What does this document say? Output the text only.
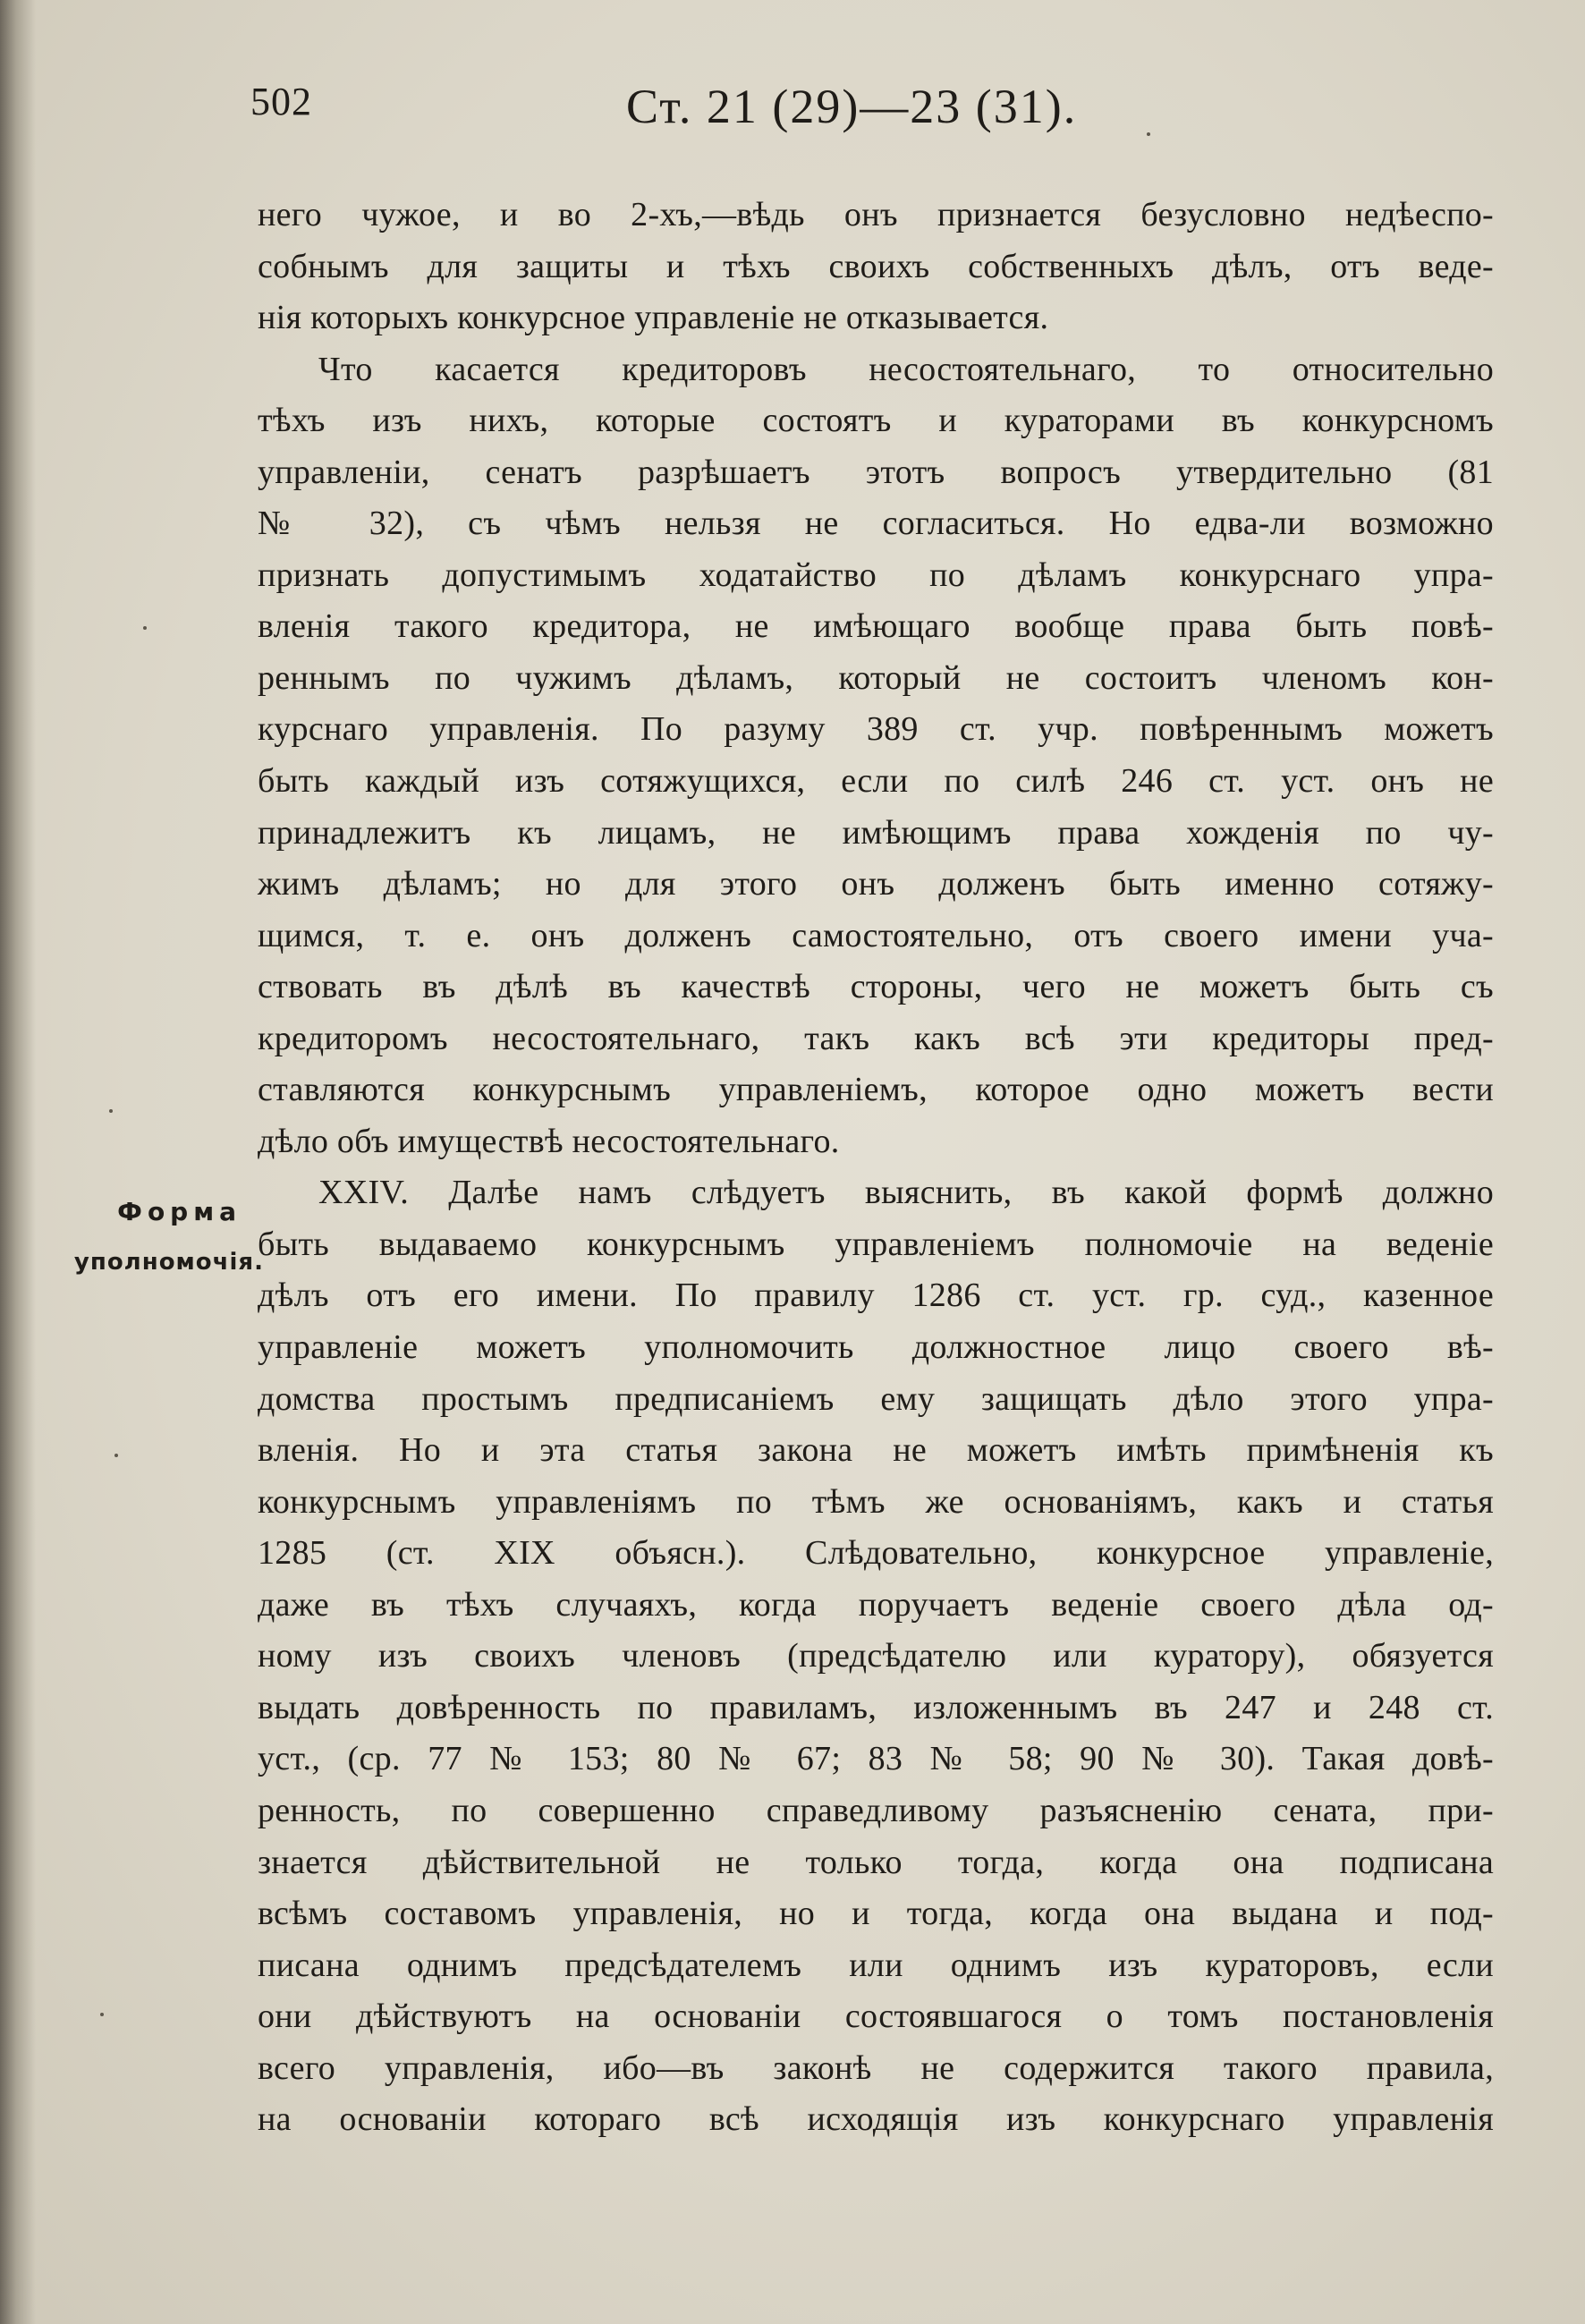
502	Ст. 21 (29)—23 (31).
Форма
уполномочія.
него чужое, и во 2-хъ,—вѣдь онъ признается безусловно недѣеспо-
собнымъ для защиты и тѣхъ своихъ собственныхъ дѣлъ, отъ веде-
нія которыхъ конкурсное управленіе не отказывается.
Что касается кредиторовъ несостоятельнаго, то относительно
тѣхъ изъ нихъ, которые состоятъ и кураторами въ конкурсномъ
управленіи, сенатъ разрѣшаетъ этотъ вопросъ утвердительно (81
№ 32), съ чѣмъ нельзя не согласиться. Но едва-ли возможно
признать допустимымъ ходатайство по дѣламъ конкурснаго упра-
вленія такого кредитора, не имѣющаго вообще права быть повѣ-
реннымъ по чужимъ дѣламъ, который не состоитъ членомъ кон-
курснаго управленія. По разуму 389 ст. учр. повѣреннымъ можетъ
быть каждый изъ сотяжущихся, если по силѣ 246 ст. уст. онъ не
принадлежитъ къ лицамъ, не имѣющимъ права хожденія по чу-
жимъ дѣламъ; но для этого онъ долженъ быть именно сотяжу-
щимся, т. е. онъ долженъ самостоятельно, отъ своего имени уча-
ствовать въ дѣлѣ въ качествѣ стороны, чего не можетъ быть съ
кредиторомъ несостоятельнаго, такъ какъ всѣ эти кредиторы пред-
ставляются конкурснымъ управленіемъ, которое одно можетъ вести
дѣло объ имуществѣ несостоятельнаго.
XXIV. Далѣе намъ слѣдуетъ выяснить, въ какой формѣ должно
быть выдаваемо конкурснымъ управленіемъ полномочіе на веденіе
дѣлъ отъ его имени. По правилу 1286 ст. уст. гр. суд., казенное
управленіе можетъ уполномочить должностное лицо своего вѣ-
домства простымъ предписаніемъ ему защищать дѣло этого упра-
вленія. Но и эта статья закона не можетъ имѣть примѣненія къ
конкурснымъ управленіямъ по тѣмъ же основаніямъ, какъ и статья
1285 (ст. XIX объясн.). Слѣдовательно, конкурсное управленіе,
даже въ тѣхъ случаяхъ, когда поручаетъ веденіе своего дѣла од-
ному изъ своихъ членовъ (предсѣдателю или куратору), обязуется
выдать довѣренность по правиламъ, изложеннымъ въ 247 и 248 ст.
уст., (ср. 77 № 153; 80 № 67; 83 № 58; 90 № 30). Такая довѣ-
ренность, по совершенно справедливому разъясненію сената, при-
знается дѣйствительной не только тогда, когда она подписана
всѣмъ составомъ управленія, но и тогда, когда она выдана и под-
писана однимъ предсѣдателемъ или однимъ изъ кураторовъ, если
они дѣйствуютъ на основаніи состоявшагося о томъ постановленія
всего управленія, ибо—въ законѣ не содержится такого правила,
на основаніи котораго всѣ исходящія изъ конкурснаго управленія
